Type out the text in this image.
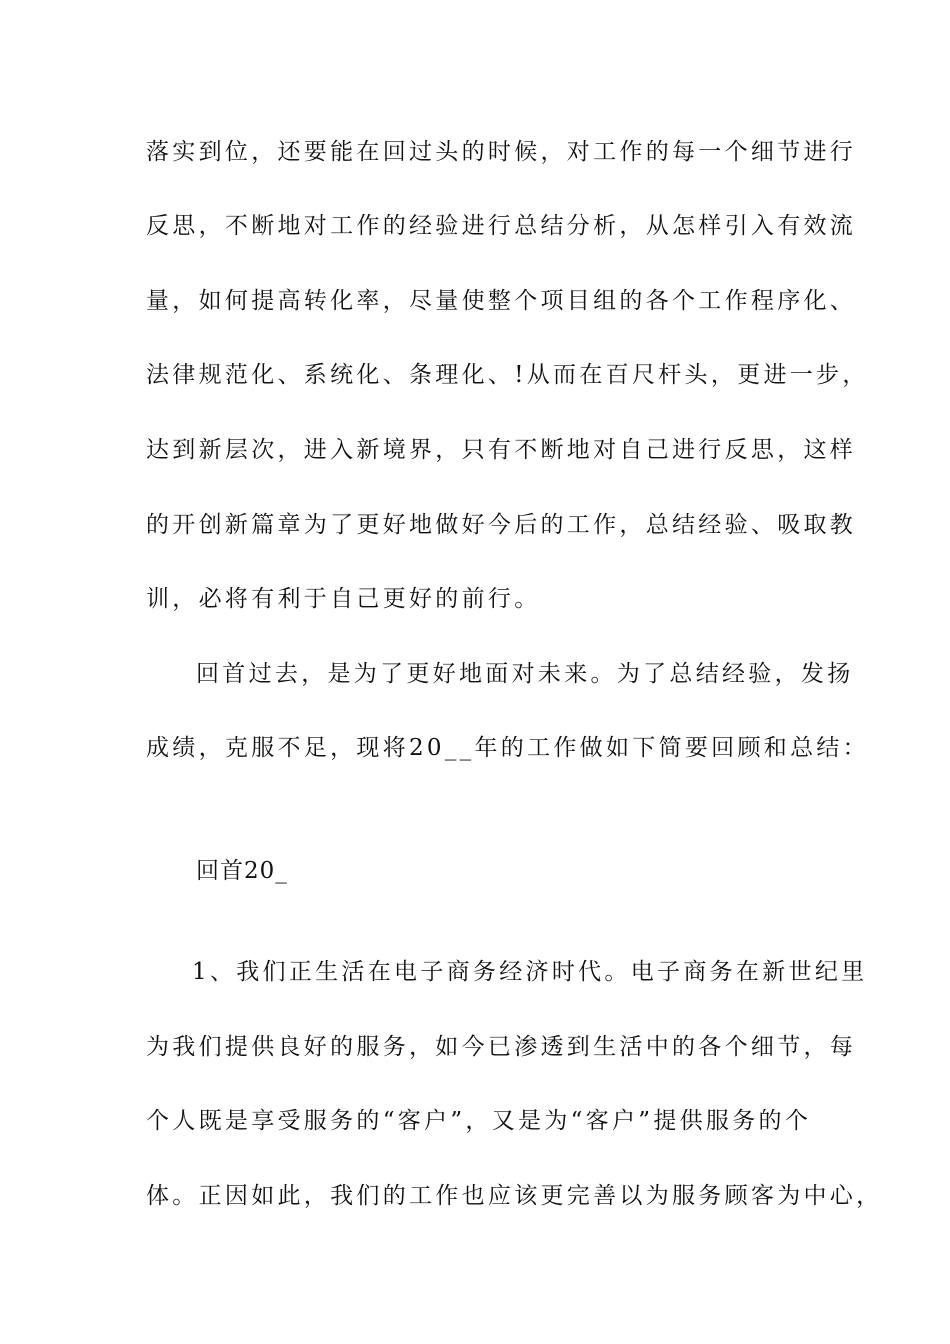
落实到位，还要能在回过头的时候，对工作的每一个细节进行
反思，不断地对工作的经验进行总结分析，从怎样引入有效流
量，如何提高转化率，尽量使整个项目组的各个工作程序化、
法律规范化、系统化、条理化、!从而在百尺杆头，更进一步，
达到新层次，进入新境界，只有不断地对自己进行反思，这样
的开创新篇章为了更好地做好今后的工作，总结经验、吸取教
训，必将有利于自己更好的前行。
回首过去，是为了更好地面对未来。为了总结经验，发扬
成绩，克服不足，现将20__年的工作做如下简要回顾和总结：
回首20_
1、我们正生活在电子商务经济时代。电子商务在新世纪里
为我们提供良好的服务，如今已渗透到生活中的各个细节，每
个人既是享受服务的“客户”，又是为“客户”提供服务的个
体。正因如此，我们的工作也应该更完善以为服务顾客为中心，
